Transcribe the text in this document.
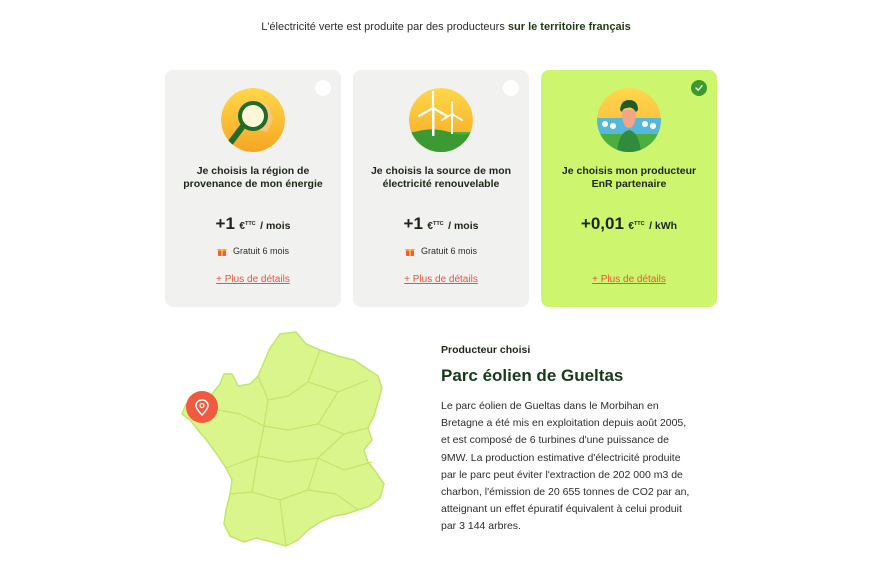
L'électricité verte est produite par des producteurs sur le territoire français
Je choisis la région de provenance de mon énergie
+1 €$^{TTC}$ / mois
Gratuit 6 mois
+ Plus de détails
Je choisis la source de mon électricité renouvelable
+1 €$^{TTC}$ / mois
Gratuit 6 mois
+ Plus de détails
Je choisis mon producteur EnR partenaire
+0,01 €$^{TTC}$ / kWh
+ Plus de détails
Producteur choisi
Parc éolien de Gueltas
Le parc éolien de Gueltas dans le Morbihan en Bretagne a été mis en exploitation depuis août 2005, et est composé de 6 turbines d'une puissance de 9MW. La production estimative d'électricité produite par le parc peut éviter l'extraction de 202 000 m3 de charbon, l'émission de 20 655 tonnes de CO2 par an, atteignant un effet épuratif équivalent à celui produit par 3 144 arbres.
